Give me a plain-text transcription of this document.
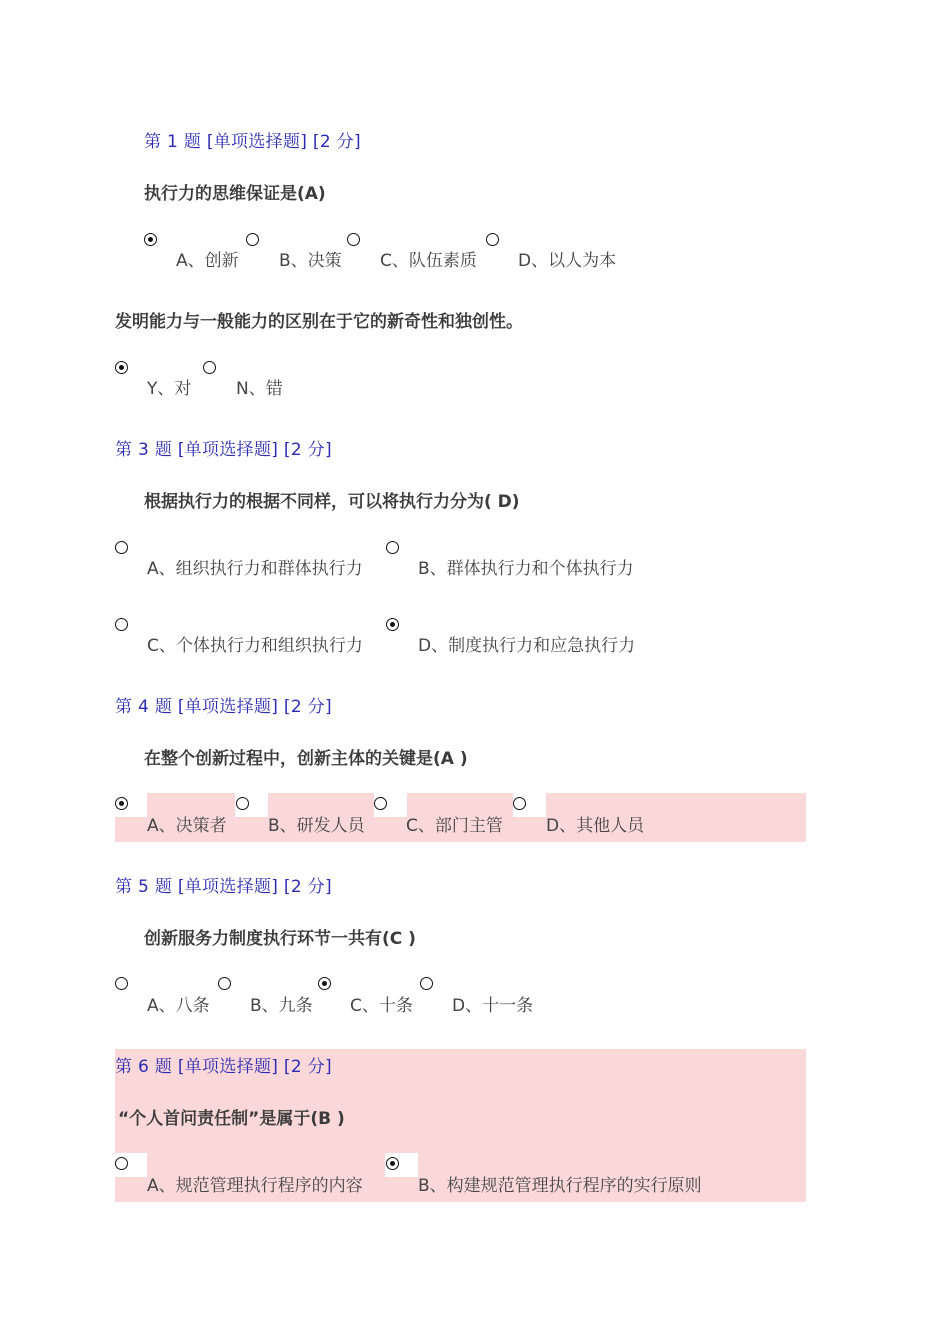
第 1 题 [单项选择题] [2 分]
执行力的思维保证是(A)
A、创新 B、决策 C、队伍素质 D、以人为本
发明能力与一般能力的区别在于它的新奇性和独创性。
Y、对	N、错
第 3 题 [单项选择题] [2 分]
根据执行力的根据不同样，可以将执行力分为( D)
A、组织执行力和群体执行力	B、群体执行力和个体执行力
C、个体执行力和组织执行力	D、制度执行力和应急执行力
第 4 题 [单项选择题] [2 分]
在整个创新过程中，创新主体的关键是(A )
A、决策者 B、研发人员 C、部门主管	D、其他人员
第 5 题 [单项选择题] [2 分]
创新服务力制度执行环节一共有(C )
A、八条 B、九条 C、十条 D、十一条
第 6 题 [单项选择题] [2 分]
“个人首问责任制”是属于(B )
A、规范管理执行程序的内容	B、构建规范管理执行程序的实行原则
